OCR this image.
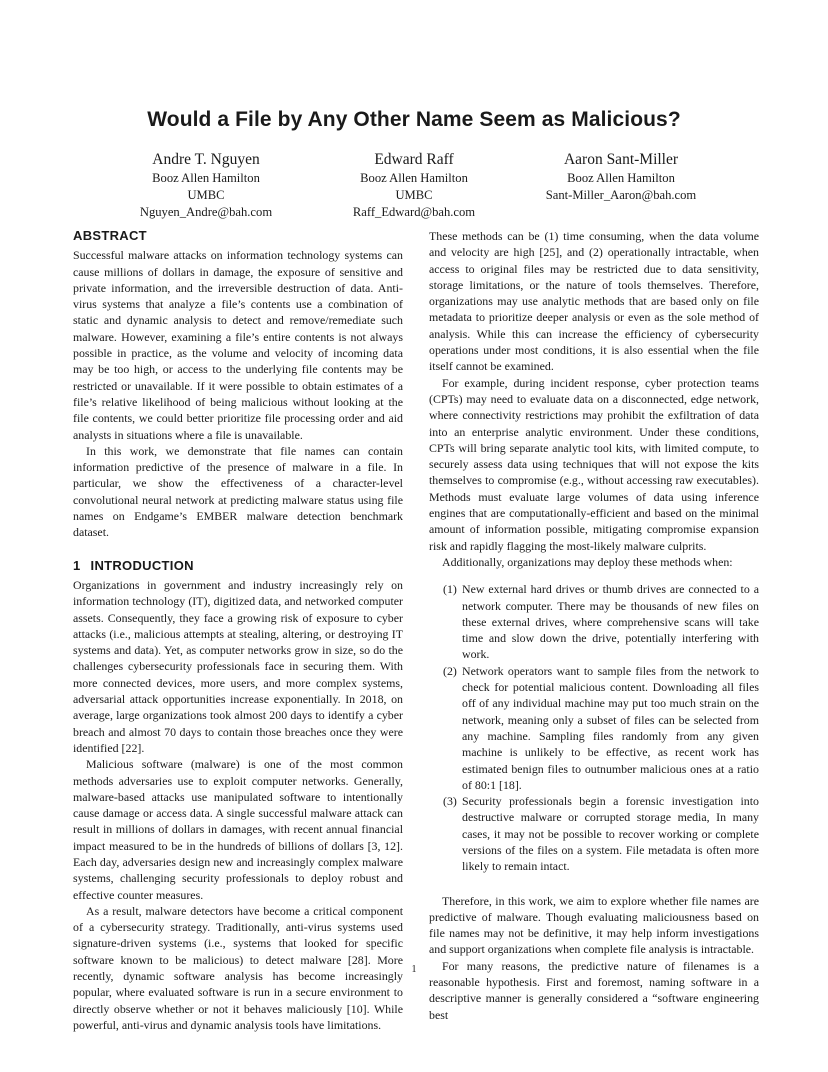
Would a File by Any Other Name Seem as Malicious?
Andre T. Nguyen
Booz Allen Hamilton
UMBC
Nguyen_Andre@bah.com
Edward Raff
Booz Allen Hamilton
UMBC
Raff_Edward@bah.com
Aaron Sant-Miller
Booz Allen Hamilton
Sant-Miller_Aaron@bah.com
ABSTRACT

Successful malware attacks on information technology systems can cause millions of dollars in damage, the exposure of sensitive and private information, and the irreversible destruction of data. Anti-virus systems that analyze a file’s contents use a combination of static and dynamic analysis to detect and remove/remediate such malware. However, examining a file’s entire contents is not always possible in practice, as the volume and velocity of incoming data may be too high, or access to the underlying file contents may be restricted or unavailable. If it were possible to obtain estimates of a file’s relative likelihood of being malicious without looking at the file contents, we could better prioritize file processing order and aid analysts in situations where a file is unavailable.

In this work, we demonstrate that file names can contain information predictive of the presence of malware in a file. In particular, we show the effectiveness of a character-level convolutional neural network at predicting malware status using file names on Endgame’s EMBER malware detection benchmark dataset.

1 INTRODUCTION

Organizations in government and industry increasingly rely on information technology (IT), digitized data, and networked computer assets. Consequently, they face a growing risk of exposure to cyber attacks (i.e., malicious attempts at stealing, altering, or destroying IT systems and data). Yet, as computer networks grow in size, so do the challenges cybersecurity professionals face in securing them. With more connected devices, more users, and more complex systems, adversarial attack opportunities increase exponentially. In 2018, on average, large organizations took almost 200 days to identify a cyber breach and almost 70 days to contain those breaches once they were identified [22].

Malicious software (malware) is one of the most common methods adversaries use to exploit computer networks. Generally, malware-based attacks use manipulated software to intentionally cause damage or access data. A single successful malware attack can result in millions of dollars in damages, with recent annual financial impact measured to be in the hundreds of billions of dollars [3, 12]. Each day, adversaries design new and increasingly complex malware systems, challenging security professionals to deploy robust and effective counter measures.

As a result, malware detectors have become a critical component of a cybersecurity strategy. Traditionally, anti-virus systems used signature-driven systems (i.e., systems that looked for specific software known to be malicious) to detect malware [28]. More recently, dynamic software analysis has become increasingly popular, where evaluated software is run in a secure environment to directly observe whether or not it behaves maliciously [10]. While powerful, anti-virus and dynamic analysis tools have limitations.

These methods can be (1) time consuming, when the data volume and velocity are high [25], and (2) operationally intractable, when access to original files may be restricted due to data sensitivity, storage limitations, or the nature of tools themselves. Therefore, organizations may use analytic methods that are based only on file metadata to prioritize deeper analysis or even as the sole method of analysis. While this can increase the efficiency of cybersecurity operations under most conditions, it is also essential when the file itself cannot be examined.

For example, during incident response, cyber protection teams (CPTs) may need to evaluate data on a disconnected, edge network, where connectivity restrictions may prohibit the exfiltration of data into an enterprise analytic environment. Under these conditions, CPTs will bring separate analytic tool kits, with limited compute, to securely assess data using techniques that will not expose the kits themselves to compromise (e.g., without accessing raw executables). Methods must evaluate large volumes of data using inference engines that are computationally-efficient and based on the minimal amount of information possible, mitigating compromise expansion risk and rapidly flagging the most-likely malware culprits.

Additionally, organizations may deploy these methods when:

(1) New external hard drives or thumb drives are connected to a network computer. There may be thousands of new files on these external drives, where comprehensive scans will take time and slow down the drive, potentially interfering with work.
(2) Network operators want to sample files from the network to check for potential malicious content. Downloading all files off of any individual machine may put too much strain on the network, meaning only a subset of files can be selected from any machine. Sampling files randomly from any given machine is unlikely to be effective, as recent work has estimated benign files to outnumber malicious ones at a ratio of 80:1 [18].
(3) Security professionals begin a forensic investigation into destructive malware or corrupted storage media, In many cases, it may not be possible to recover working or complete versions of the files on a system. File metadata is often more likely to remain intact.

Therefore, in this work, we aim to explore whether file names are predictive of malware. Though evaluating maliciousness based on file names may not be definitive, it may help inform investigations and support organizations when complete file analysis is intractable.

For many reasons, the predictive nature of filenames is a reasonable hypothesis. First and foremost, naming software in a descriptive manner is generally considered a “software engineering best

1
